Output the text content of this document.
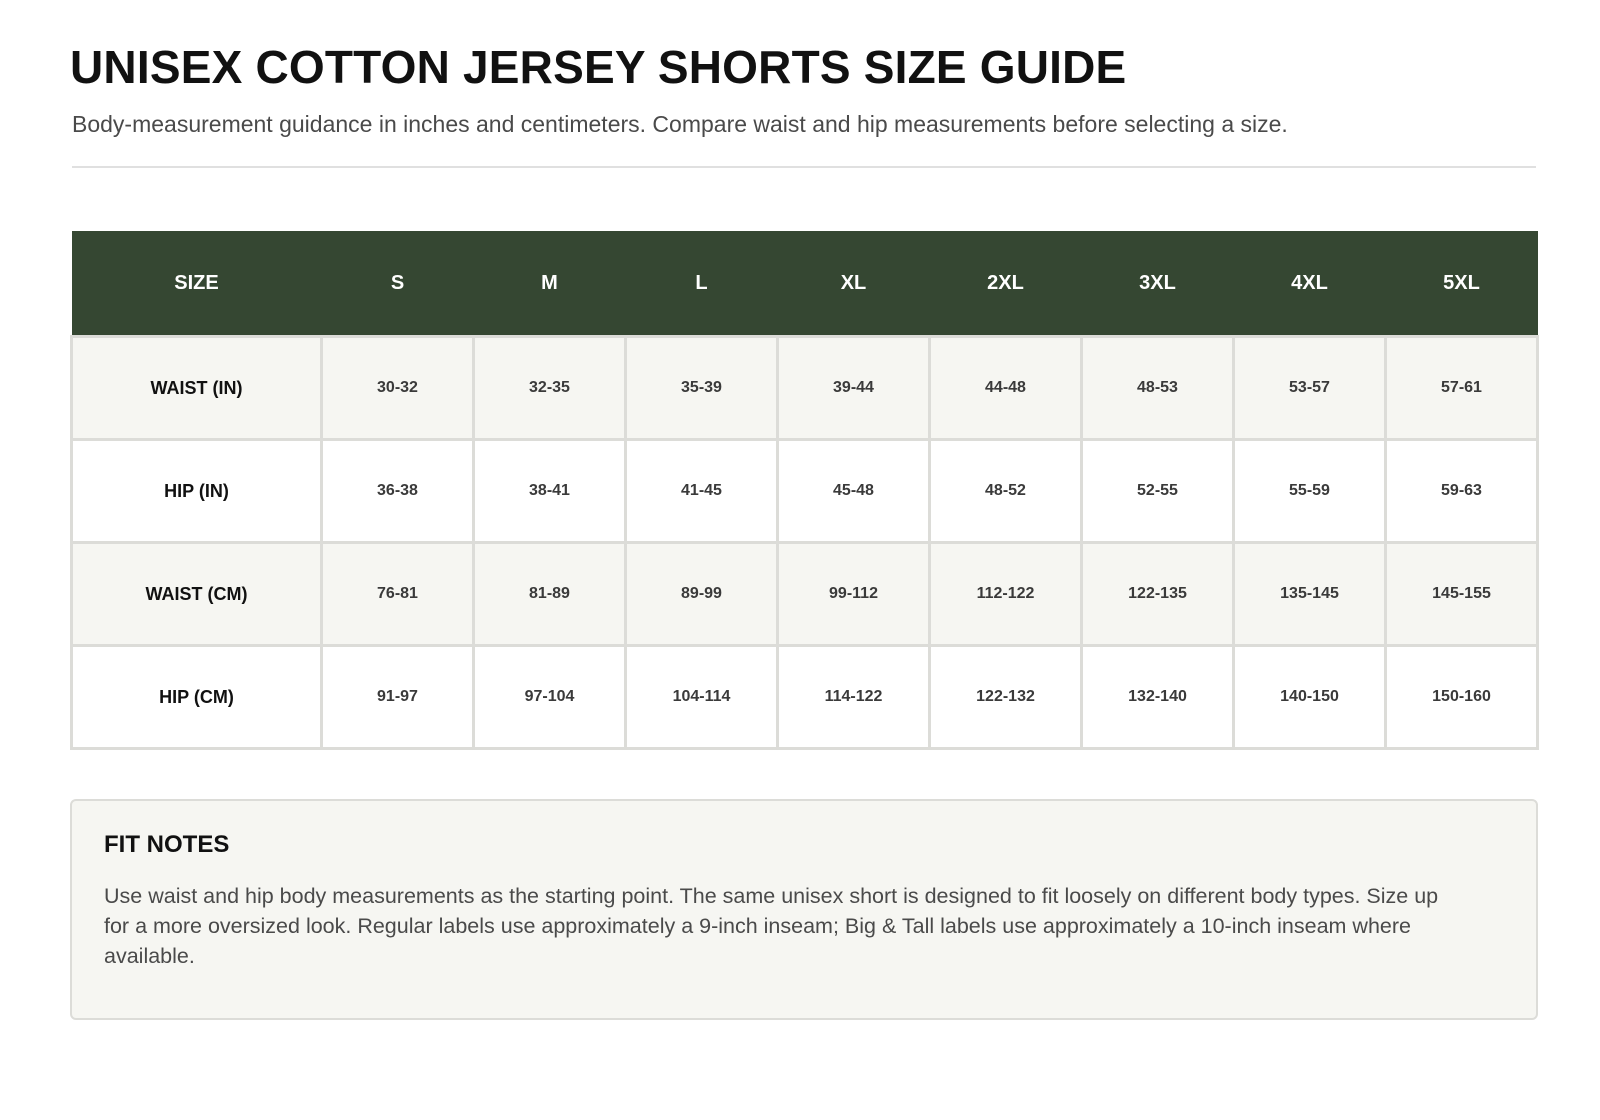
UNISEX COTTON JERSEY SHORTS SIZE GUIDE

Body-measurement guidance in inches and centimeters. Compare waist and hip measurements before selecting a size.

SIZE	S	M	L	XL	2XL	3XL	4XL	5XL
WAIST (IN)	30-32	32-35	35-39	39-44	44-48	48-53	53-57	57-61
HIP (IN)	36-38	38-41	41-45	45-48	48-52	52-55	55-59	59-63
WAIST (CM)	76-81	81-89	89-99	99-112	112-122	122-135	135-145	145-155
HIP (CM)	91-97	97-104	104-114	114-122	122-132	132-140	140-150	150-160
FIT NOTES

Use waist and hip body measurements as the starting point. The same unisex short is designed to fit loosely on different body types. Size up for a more oversized look. Regular labels use approximately a 9-inch inseam; Big & Tall labels use approximately a 10-inch inseam where available.
